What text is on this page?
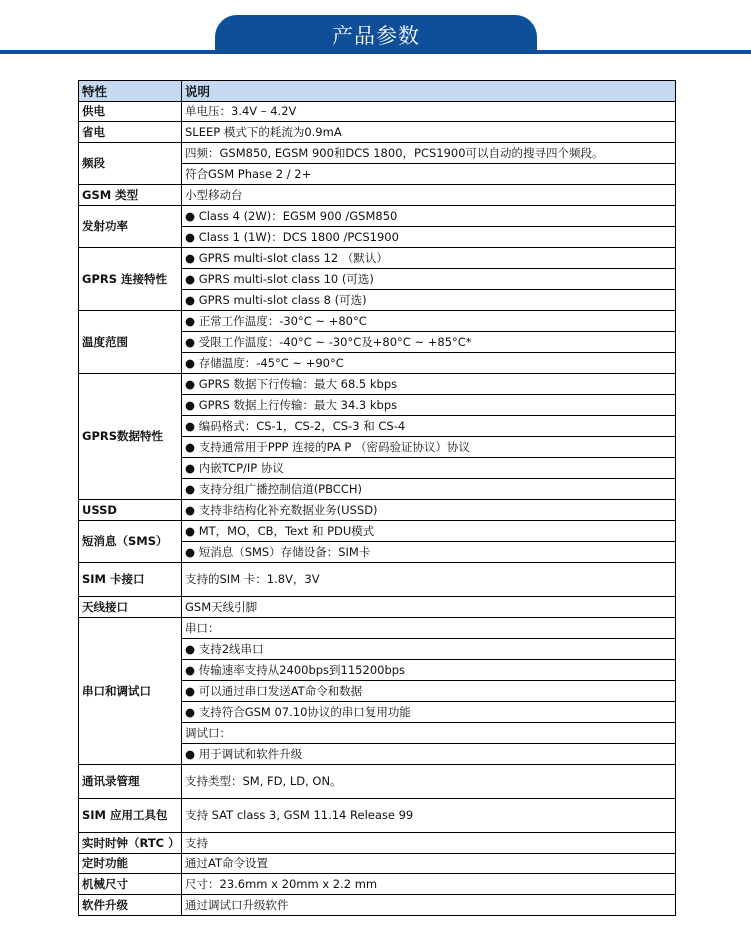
产品参数
特性	说明
供电	单电压：3.4V – 4.2V
省电	SLEEP 模式下的耗流为0.9mA
频段	四频：GSM850, EGSM 900和DCS 1800，PCS1900可以自动的搜寻四个频段。
	符合GSM Phase 2 / 2+
GSM 类型	小型移动台
发射功率	● Class 4 (2W)：EGSM 900 /GSM850
	● Class 1 (1W)：DCS 1800 /PCS1900
GPRS 连接特性	● GPRS multi-slot class 12 （默认）
	● GPRS multi-slot class 10 (可选)
	● GPRS multi-slot class 8 (可选)
温度范围	● 正常工作温度：-30°C ~ +80°C
	● 受限工作温度：-40°C ~ -30°C及+80°C ~ +85°C*
	● 存储温度：-45°C ~ +90°C
GPRS数据特性	● GPRS 数据下行传输：最大 68.5 kbps
	● GPRS 数据上行传输：最大 34.3 kbps
	● 编码格式：CS-1，CS-2，CS-3 和 CS-4
	● 支持通常用于PPP 连接的PA P （密码验证协议）协议
	● 内嵌TCP/IP 协议
	● 支持分组广播控制信道(PBCCH)
USSD	● 支持非结构化补充数据业务(USSD)
短消息（SMS）	● MT，MO，CB，Text 和 PDU模式
	● 短消息（SMS）存储设备：SIM卡
SIM 卡接口	支持的SIM 卡：1.8V，3V
天线接口	GSM天线引脚
串口和调试口	串口：
	● 支持2线串口
	● 传输速率支持从2400bps到115200bps
	● 可以通过串口发送AT命令和数据
	● 支持符合GSM 07.10协议的串口复用功能
	调试口：
	● 用于调试和软件升级
通讯录管理	支持类型：SM, FD, LD, ON。
SIM 应用工具包	支持 SAT class 3, GSM 11.14 Release 99
实时时钟（RTC ）	支持
定时功能	通过AT命令设置
机械尺寸	尺寸：23.6mm x 20mm x 2.2 mm
软件升级	通过调试口升级软件
